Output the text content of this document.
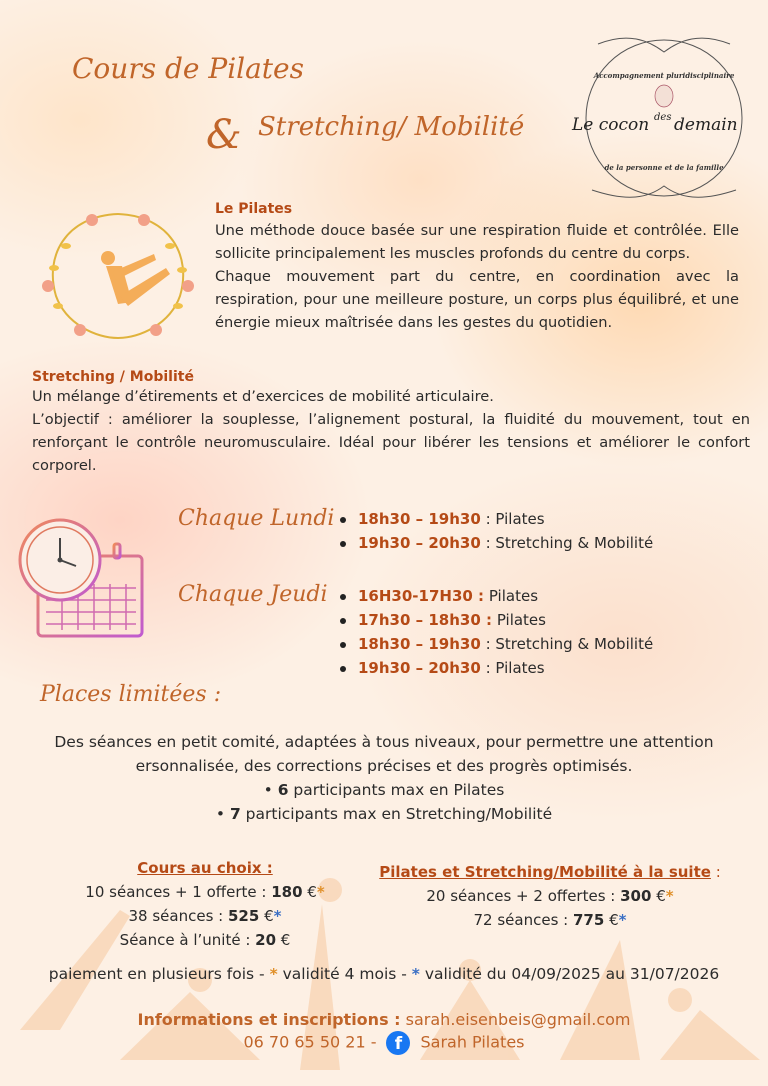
Cours de Pilates
& Stretching/ Mobilité
Accompagnement pluridisciplinaire
Le cocon des demain
de la personne et de la famille
Le Pilates
Une méthode douce basée sur une respiration fluide et contrôlée. Elle sollicite principalement les muscles profonds du centre du corps.
Chaque mouvement part du centre, en coordination avec la respiration, pour une meilleure posture, un corps plus équilibré, et une énergie mieux maîtrisée dans les gestes du quotidien.
Stretching / Mobilité
Un mélange d’étirements et d’exercices de mobilité articulaire.
L’objectif : améliorer la souplesse, l’alignement postural, la fluidité du mouvement, tout en renforçant le contrôle neuromusculaire. Idéal pour libérer les tensions et améliorer le confort corporel.
Chaque Lundi	18h30 – 19h30 : Pilates
19h30 – 20h30 : Stretching & Mobilité
Chaque Jeudi	16H30-17H30 : Pilates
17h30 – 18h30 : Pilates
18h30 – 19h30 : Stretching & Mobilité
19h30 – 20h30 : Pilates
Places limitées :
Des séances en petit comité, adaptées à tous niveaux, pour permettre une attention
ersonnalisée, des corrections précises et des progrès optimisés.
• 6 participants max en Pilates
• 7 participants max en Stretching/Mobilité
Cours au choix :
10 séances + 1 offerte : 180 €*
38 séances : 525 €*
Séance à l’unité : 20 €
Pilates et Stretching/Mobilité à la suite :
20 séances + 2 offertes : 300 €*
72 séances : 775 €*
paiement en plusieurs fois - * validité 4 mois - * validité du 04/09/2025 au 31/07/2026
Informations et inscriptions : sarah.eisenbeis@gmail.com
06 70 65 50 21 - f Sarah Pilates
